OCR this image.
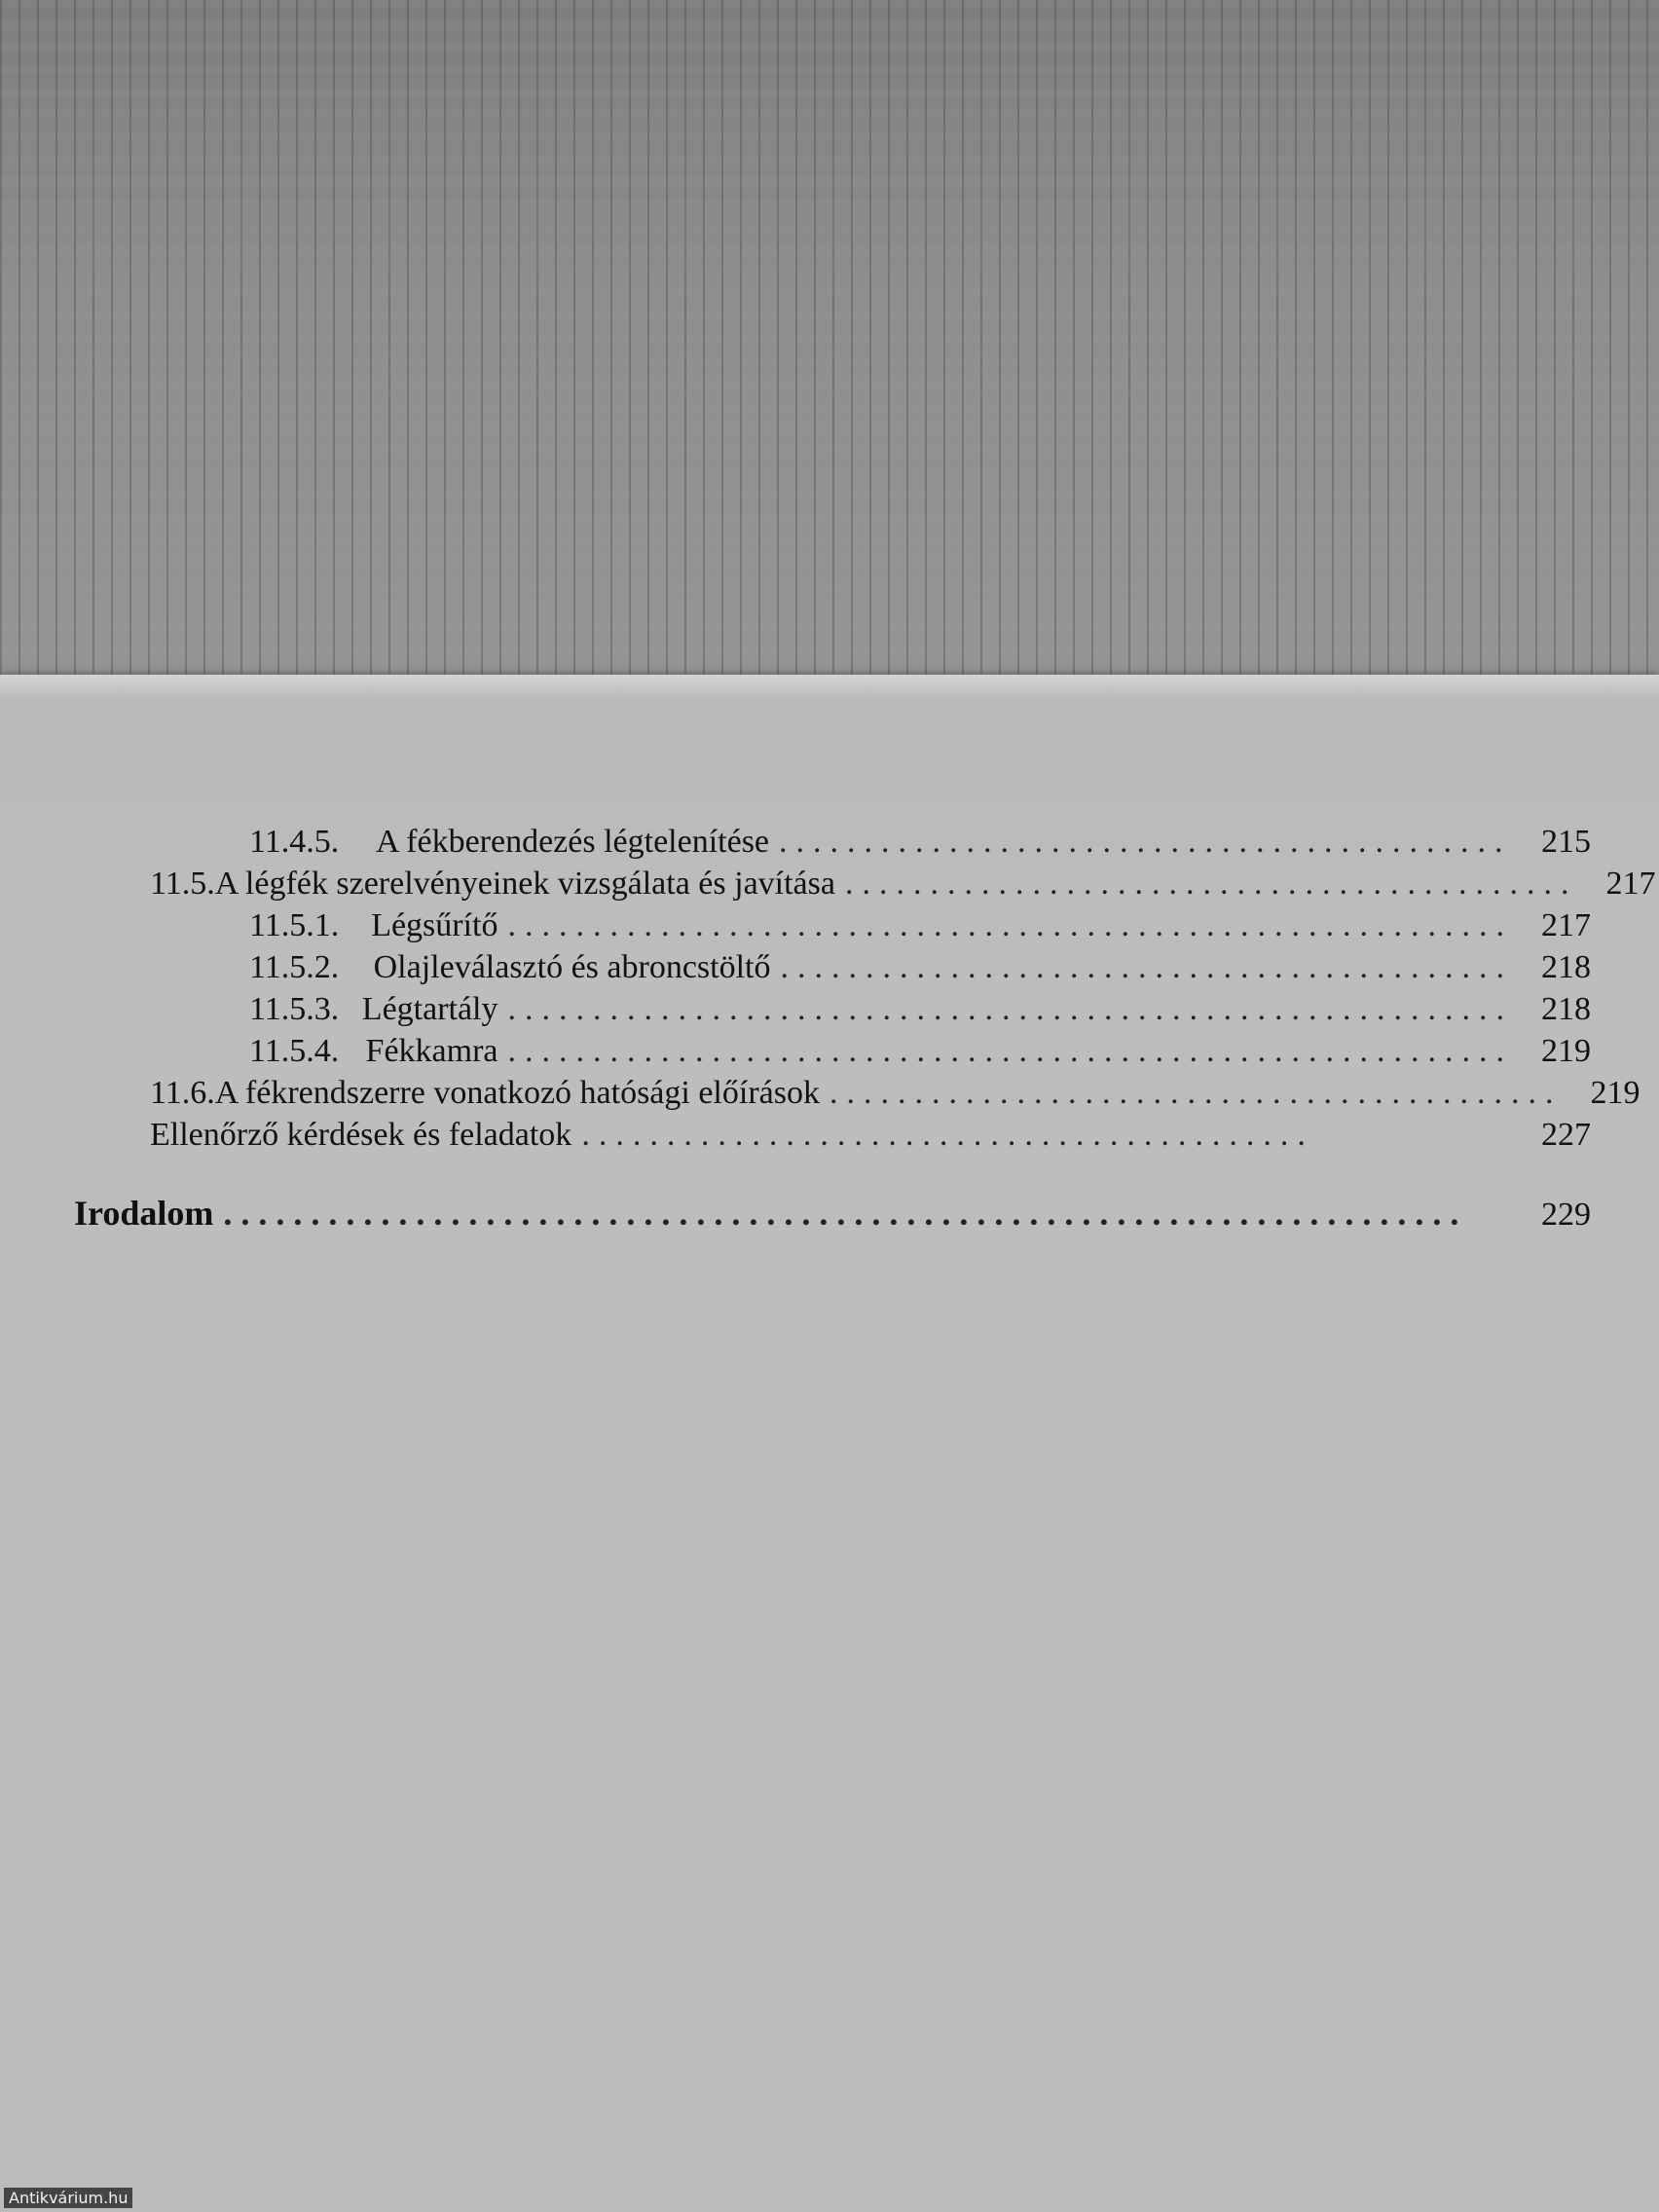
11.4.5.	A fékberendezés légtelenítése ........................................... 215
11.5. A légfék szerelvényeinek vizsgálata és javítása ........................................... 217
11.5.1. Légsűrítő ........................................................... 217
11.5.2.	Olajleválasztó és abroncstöltő ........................................... 218
11.5.3. Légtartály ........................................................... 218
11.5.4. Fékkamra ........................................................... 219
11.6. A fékrendszerre vonatkozó hatósági előírások ........................................... 219
Ellenőrző kérdések és feladatok ...........................................	227
Irodalom .......................................................................	229
Antikvárium.hu
